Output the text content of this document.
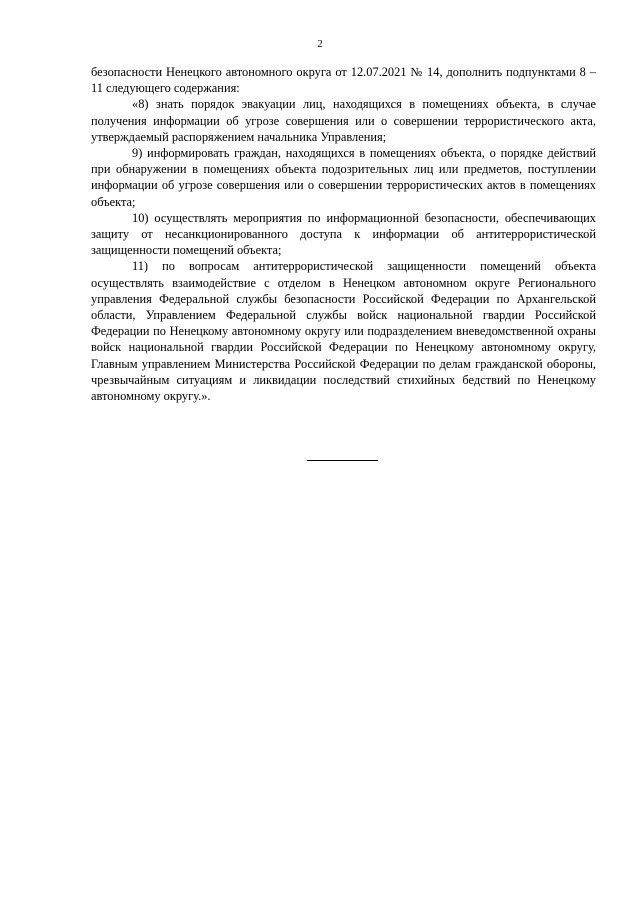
2

безопасности Ненецкого автономного округа от 12.07.2021 № 14, дополнить подпунктами 8 – 11 следующего содержания:

«8) знать порядок эвакуации лиц, находящихся в помещениях объекта, в случае получения информации об угрозе совершения или о совершении террористического акта, утверждаемый распоряжением начальника Управления;

9) информировать граждан, находящихся в помещениях объекта, о порядке действий при обнаружении в помещениях объекта подозрительных лиц или предметов, поступлении информации об угрозе совершения или о совершении террористических актов в помещениях объекта;

10) осуществлять мероприятия по информационной безопасности, обеспечивающих защиту от несанкционированного доступа к информации об антитеррористической защищенности помещений объекта;

11) по вопросам антитеррористической защищенности помещений объекта осуществлять взаимодействие с отделом в Ненецком автономном округе Регионального управления Федеральной службы безопасности Российской Федерации по Архангельской области, Управлением Федеральной службы войск национальной гвардии Российской Федерации по Ненецкому автономному округу или подразделением вневедомственной охраны войск национальной гвардии Российской Федерации по Ненецкому автономному округу, Главным управлением Министерства Российской Федерации по делам гражданской обороны, чрезвычайным ситуациям и ликвидации последствий стихийных бедствий по Ненецкому автономному округу.».
